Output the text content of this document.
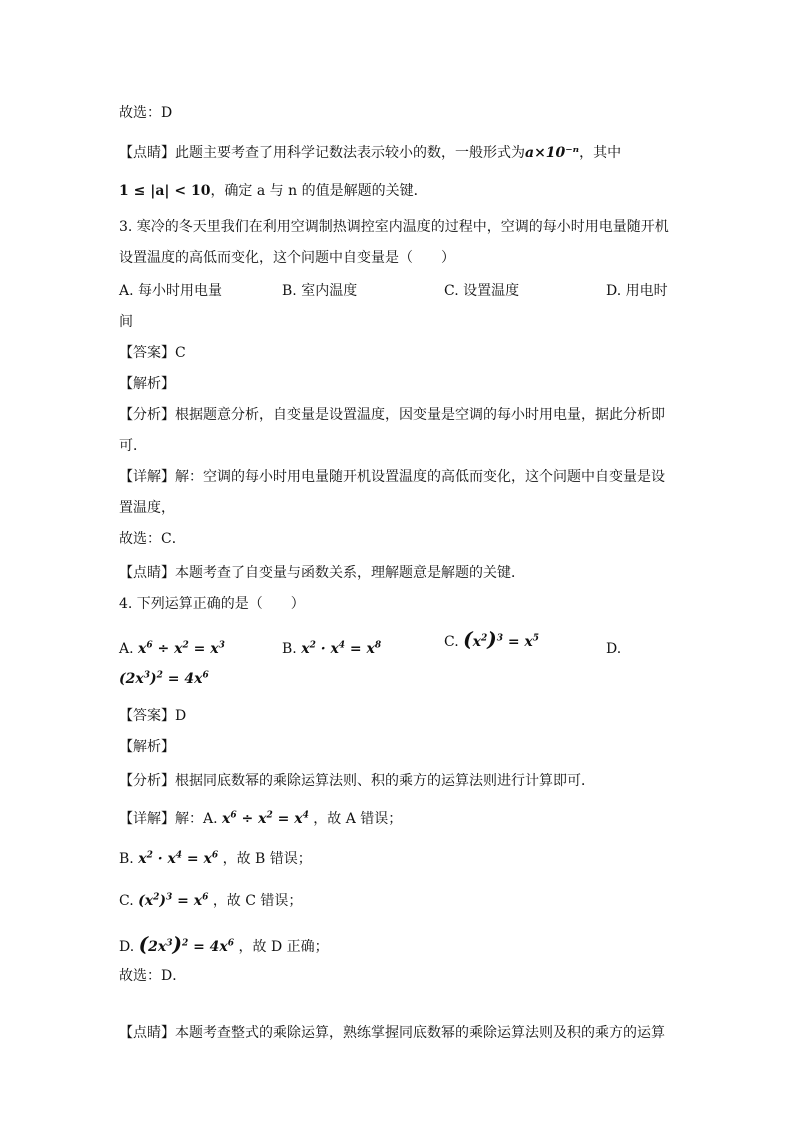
故选：D
【点睛】此题主要考查了用科学记数法表示较小的数，一般形式为a×10⁻ⁿ，其中
1 ≤ |a| < 10，确定 a 与 n 的值是解题的关键．
3. 寒冷的冬天里我们在利用空调制热调控室内温度的过程中，空调的每小时用电量随开机
设置温度的高低而变化，这个问题中自变量是（　　）
A. 每小时用电量	B. 室内温度	C. 设置温度	D. 用电时
间
【答案】C
【解析】
【分析】根据题意分析，自变量是设置温度，因变量是空调的每小时用电量，据此分析即
可．
【详解】解：空调的每小时用电量随开机设置温度的高低而变化，这个问题中自变量是设
置温度，
故选：C．
【点睛】本题考查了自变量与函数关系，理解题意是解题的关键．
4. 下列运算正确的是（　　）
A. $x^6 \div x^2 = x^3$	B. $x^2 \cdot x^4 = x^8$	C. $(x^2)^3 = x^5$
D.
$(2x^3)^2 = 4x^6$
【答案】D
【解析】
【分析】根据同底数幂的乘除运算法则、积的乘方的运算法则进行计算即可．
【详解】解：A. $x^6 \div x^2 = x^4$ ，故 A 错误；
B. $x^2 \cdot x^4 = x^6$ ，故 B 错误；
C. $(x^2)^3 = x^6$ ，故 C 错误；
D. $(2x^3)^2 = 4x^6$ ，故 D 正确；
故选：D．
【点睛】本题考查整式的乘除运算，熟练掌握同底数幂的乘除运算法则及积的乘方的运算
